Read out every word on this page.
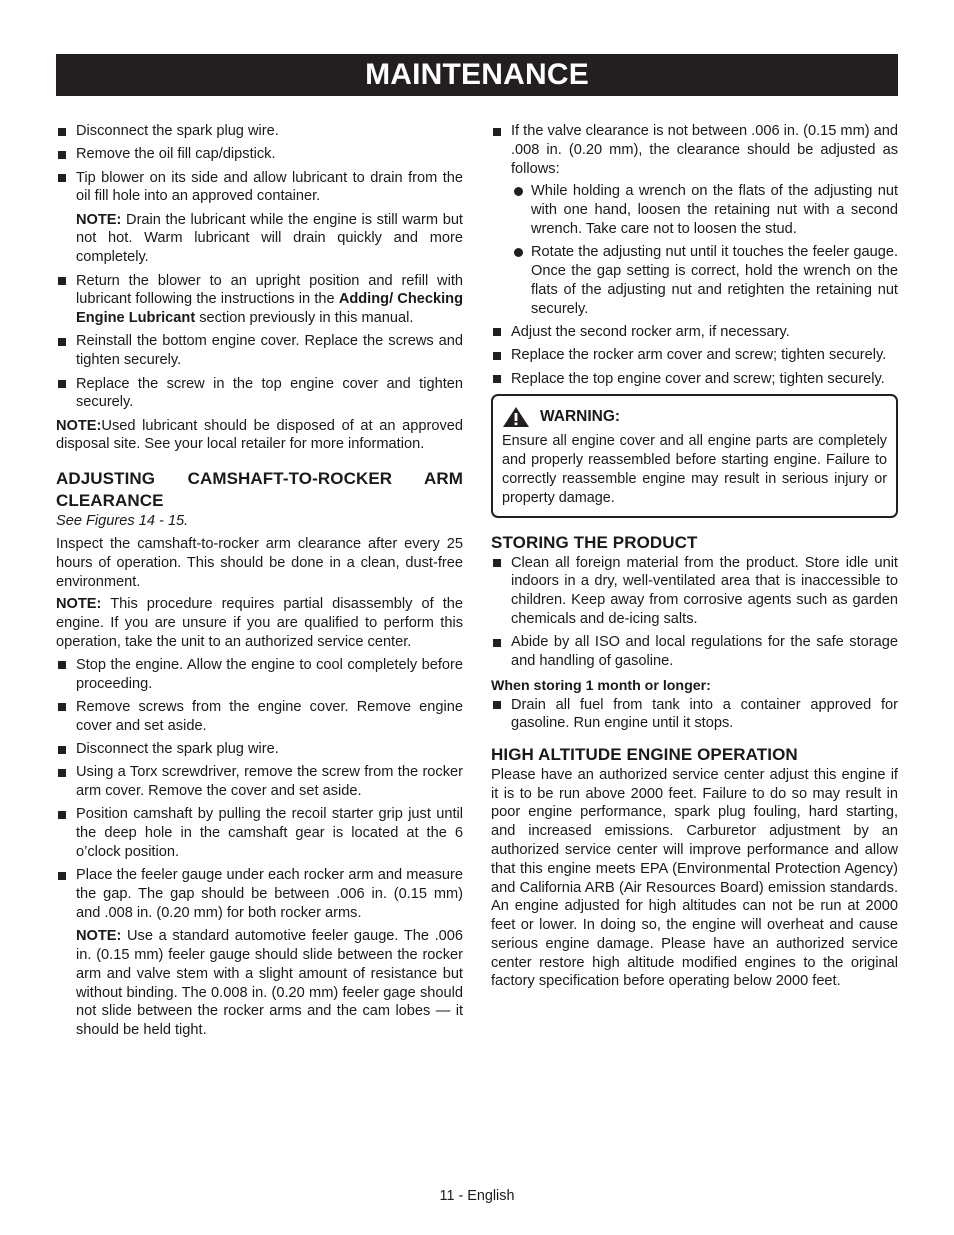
MAINTENANCE
Disconnect the spark plug wire.
Remove the oil fill cap/dipstick.
Tip blower on its side and allow lubricant to drain from the oil fill hole into an approved container.
NOTE: Drain the lubricant while the engine is still warm but not hot. Warm lubricant will drain quickly and more completely.
Return the blower to an upright position and refill with lubricant following the instructions in the Adding/ Checking Engine Lubricant section previously in this manual.
Reinstall the bottom engine cover. Replace the screws and tighten securely.
Replace the screw in the top engine cover and tighten securely.

NOTE:Used lubricant should be disposed of at an approved disposal site. See your local retailer for more information.

ADJUSTING CAMSHAFT-TO-ROCKER ARM CLEARANCE

See Figures 14 - 15.

Inspect the camshaft-to-rocker arm clearance after every 25 hours of operation. This should be done in a clean, dust-free environment.

NOTE: This procedure requires partial disassembly of the engine. If you are unsure if you are qualified to perform this operation, take the unit to an authorized service center.

Stop the engine. Allow the engine to cool completely before proceeding.
Remove screws from the engine cover. Remove engine cover and set aside.
Disconnect the spark plug wire.
Using a Torx screwdriver, remove the screw from the rocker arm cover. Remove the cover and set aside.
Position camshaft by pulling the recoil starter grip just until the deep hole in the camshaft gear is located at the 6 o’clock position.
Place the feeler gauge under each rocker arm and measure the gap. The gap should be between .006 in. (0.15 mm) and .008 in. (0.20 mm) for both rocker arms.
NOTE: Use a standard automotive feeler gauge. The .006 in. (0.15 mm) feeler gauge should slide between the rocker arm and valve stem with a slight amount of resistance but without binding. The 0.008 in. (0.20 mm) feeler gage should not slide between the rocker arms and the cam lobes — it should be held tight.
If the valve clearance is not between .006 in. (0.15 mm) and .008 in. (0.20 mm), the clearance should be adjusted as follows:
While holding a wrench on the flats of the adjusting nut with one hand, loosen the retaining nut with a second wrench. Take care not to loosen the stud.
Rotate the adjusting nut until it touches the feeler gauge. Once the gap setting is correct, hold the wrench on the flats of the adjusting nut and retighten the retaining nut securely.
Adjust the second rocker arm, if necessary.
Replace the rocker arm cover and screw; tighten securely.
Replace the top engine cover and screw; tighten securely.
WARNING:
Ensure all engine cover and all engine parts are completely and properly reassembled before starting engine. Failure to correctly reassemble engine may result in serious injury or property damage.
STORING THE PRODUCT
Clean all foreign material from the product. Store idle unit indoors in a dry, well-ventilated area that is inaccessible to children. Keep away from corrosive agents such as garden chemicals and de-icing salts.
Abide by all ISO and local regulations for the safe storage and handling of gasoline.
When storing 1 month or longer:
Drain all fuel from tank into a container approved for gasoline. Run engine until it stops.
HIGH ALTITUDE ENGINE OPERATION

Please have an authorized service center adjust this engine if it is to be run above 2000 feet. Failure to do so may result in poor engine performance, spark plug fouling, hard starting, and increased emissions. Carburetor adjustment by an authorized service center will improve performance and allow that this engine meets EPA (Environmental Protection Agency) and California ARB (Air Resources Board) emission standards. An engine adjusted for high altitudes can not be run at 2000 feet or lower. In doing so, the engine will overheat and cause serious engine damage. Please have an authorized service center restore high altitude modified engines to the original factory specification before operating below 2000 feet.

11 - English
